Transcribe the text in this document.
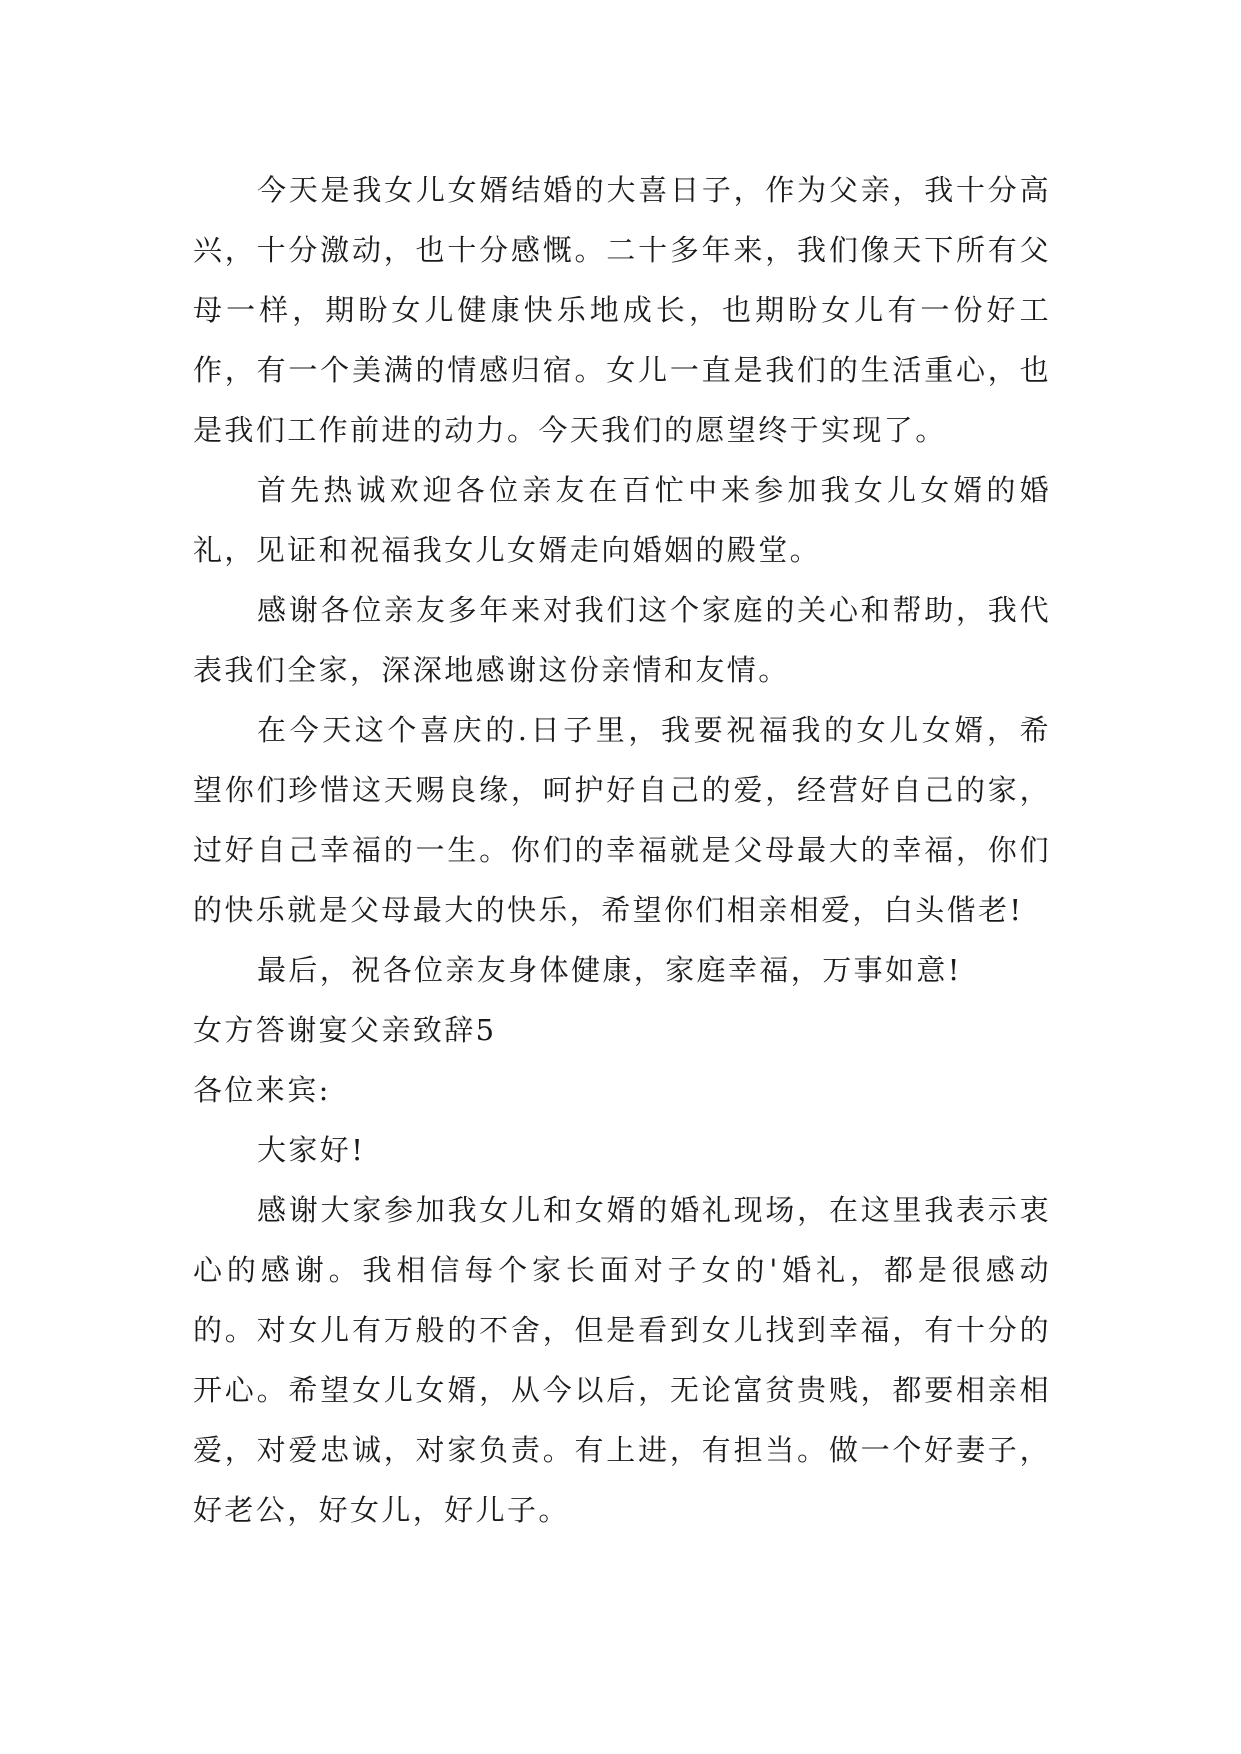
今天是我女儿女婿结婚的大喜日子，作为父亲，我十分高兴，十分激动，也十分感慨。二十多年来，我们像天下所有父母一样，期盼女儿健康快乐地成长，也期盼女儿有一份好工作，有一个美满的情感归宿。女儿一直是我们的生活重心，也是我们工作前进的动力。今天我们的愿望终于实现了。

首先热诚欢迎各位亲友在百忙中来参加我女儿女婿的婚礼，见证和祝福我女儿女婿走向婚姻的殿堂。

感谢各位亲友多年来对我们这个家庭的关心和帮助，我代表我们全家，深深地感谢这份亲情和友情。

在今天这个喜庆的.日子里，我要祝福我的女儿女婿，希望你们珍惜这天赐良缘，呵护好自己的爱，经营好自己的家，过好自己幸福的一生。你们的幸福就是父母最大的幸福，你们的快乐就是父母最大的快乐，希望你们相亲相爱，白头偕老!

最后，祝各位亲友身体健康，家庭幸福，万事如意!

女方答谢宴父亲致辞5

各位来宾:

大家好!

感谢大家参加我女儿和女婿的婚礼现场，在这里我表示衷心的感谢。我相信每个家长面对子女的'婚礼，都是很感动的。对女儿有万般的不舍，但是看到女儿找到幸福，有十分的开心。希望女儿女婿，从今以后，无论富贫贵贱，都要相亲相爱，对爱忠诚，对家负责。有上进，有担当。做一个好妻子，好老公，好女儿，好儿子。
